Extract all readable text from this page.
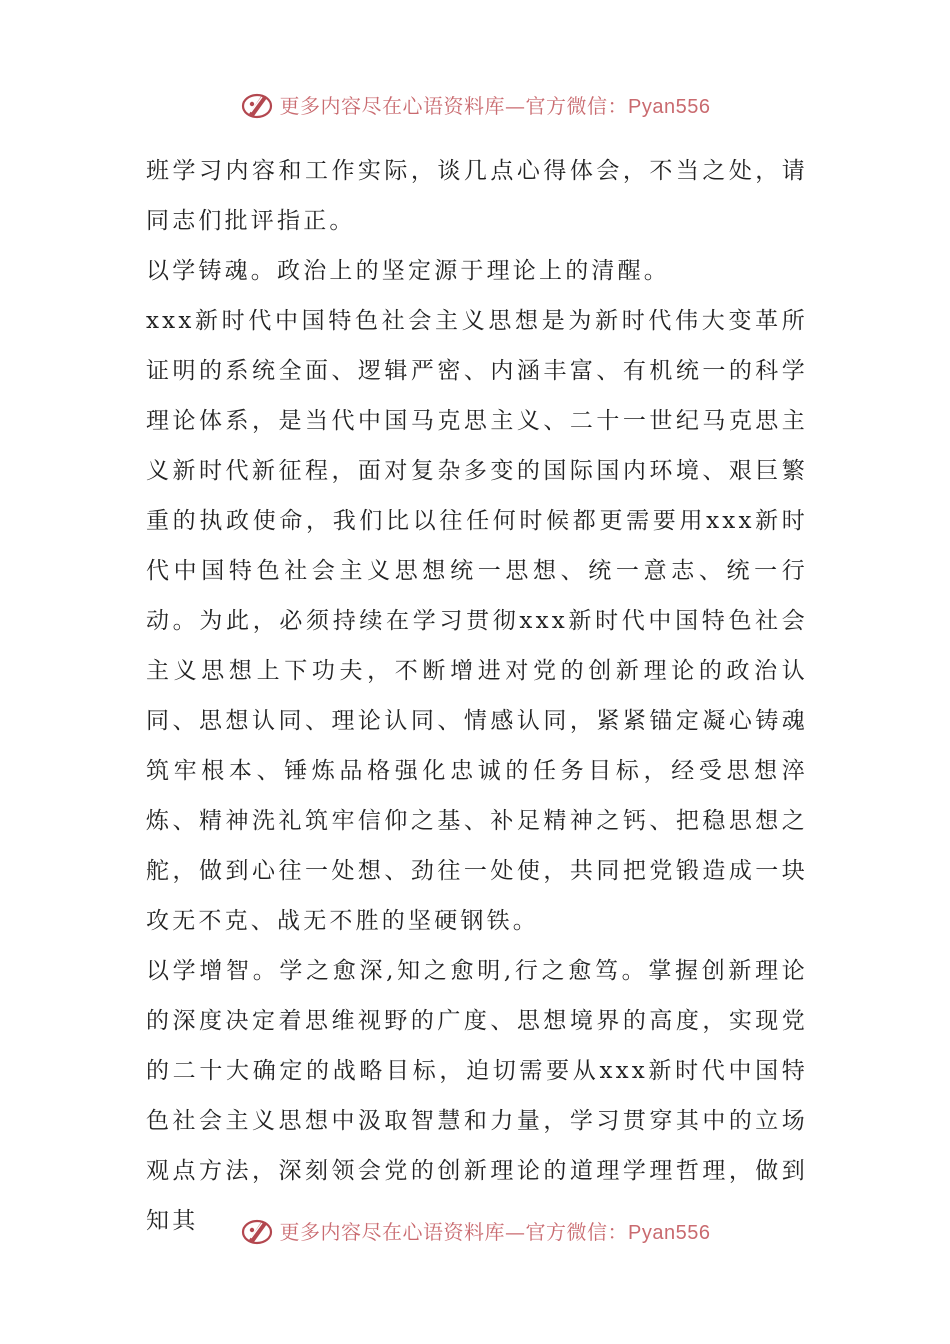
更多内容尽在心语资料库—官方微信：Pyan556

班学习内容和工作实际，谈几点心得体会，不当之处，请同志们批评指正。

以学铸魂。政治上的坚定源于理论上的清醒。

xxx新时代中国特色社会主义思想是为新时代伟大变革所证明的系统全面、逻辑严密、内涵丰富、有机统一的科学理论体系，是当代中国马克思主义、二十一世纪马克思主义新时代新征程，面对复杂多变的国际国内环境、艰巨繁重的执政使命，我们比以往任何时候都更需要用xxx新时代中国特色社会主义思想统一思想、统一意志、统一行动。为此，必须持续在学习贯彻xxx新时代中国特色社会主义思想上下功夫，不断增进对党的创新理论的政治认同、思想认同、理论认同、情感认同，紧紧锚定凝心铸魂筑牢根本、锤炼品格强化忠诚的任务目标，经受思想淬炼、精神洗礼筑牢信仰之基、补足精神之钙、把稳思想之舵，做到心往一处想、劲往一处使，共同把党锻造成一块攻无不克、战无不胜的坚硬钢铁。

以学增智。学之愈深,知之愈明,行之愈笃。掌握创新理论的深度决定着思维视野的广度、思想境界的高度，实现党的二十大确定的战略目标，迫切需要从xxx新时代中国特色社会主义思想中汲取智慧和力量，学习贯穿其中的立场观点方法，深刻领会党的创新理论的道理学理哲理，做到知其	更多内容尽在心语资料库—官方微信：Pyan556
